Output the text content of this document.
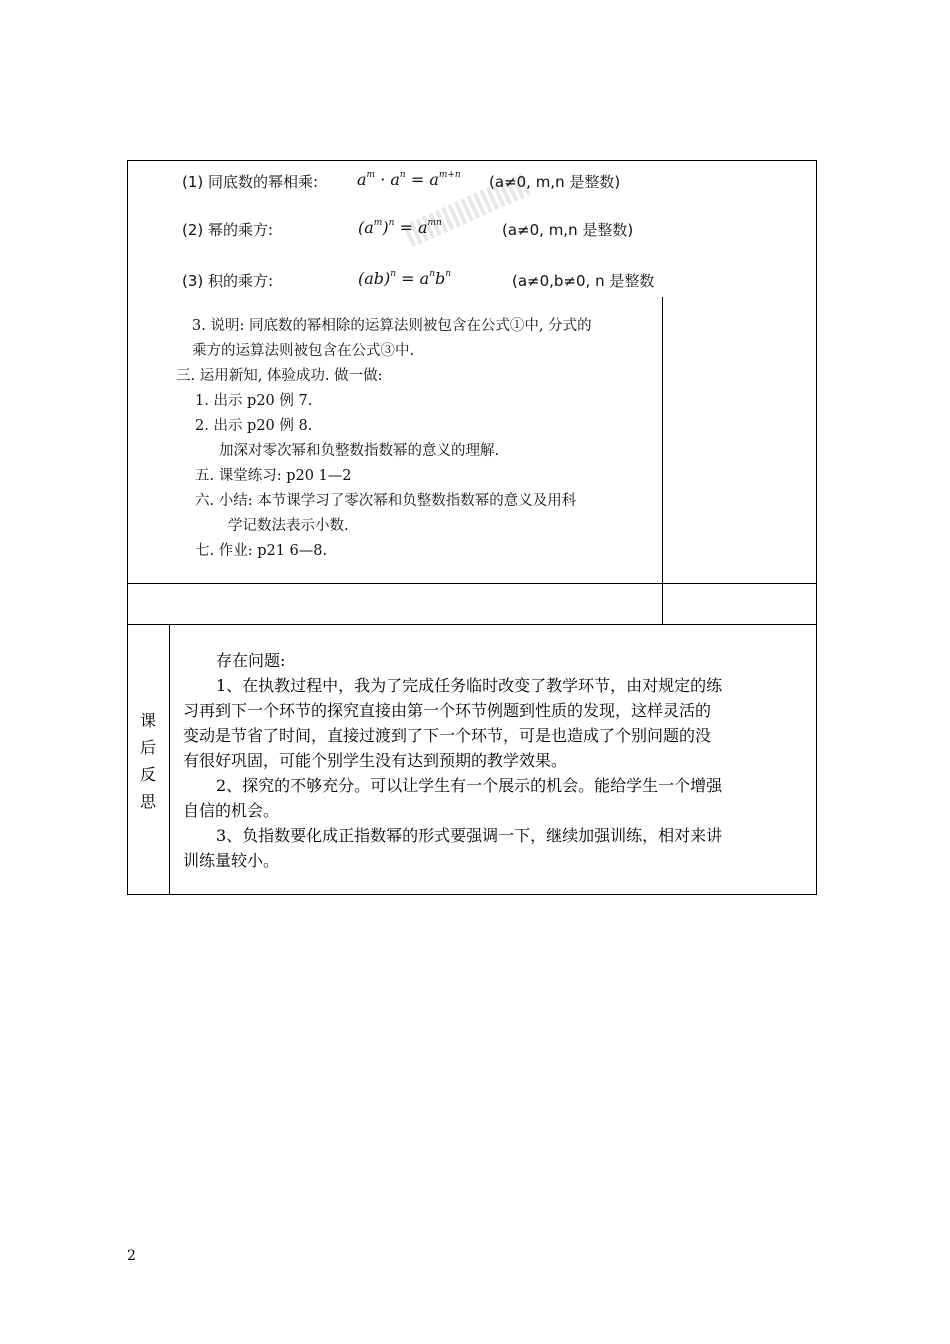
(1) 同底数的幂相乘: $a^m \cdot a^n = a^{m+n}$ (a≠0, m,n 是整数)
(2) 幂的乘方:	$(a^m)^n = a^{mn}$	(a≠0, m,n 是整数)
(3) 积的乘方:	$(ab)^n = a^nb^n$	(a≠0,b≠0, n 是整数
3. 说明: 同底数的幂相除的运算法则被包含在公式①中, 分式的
乘方的运算法则被包含在公式③中.
三. 运用新知, 体验成功. 做一做:
1. 出示 p20 例 7.
2. 出示 p20 例 8.
加深对零次幂和负整数指数幂的意义的理解.
五. 课堂练习: p20 1—2
六. 小结: 本节课学习了零次幂和负整数指数幂的意义及用科
学记数法表示小数.
七. 作业: p21 6—8.
课
后
反
思
存在问题:
1、在执教过程中，我为了完成任务临时改变了教学环节，由对规定的练
习再到下一个环节的探究直接由第一个环节例题到性质的发现，这样灵活的
变动是节省了时间，直接过渡到了下一个环节，可是也造成了个别问题的没
有很好巩固，可能个别学生没有达到预期的教学效果。
2、探究的不够充分。可以让学生有一个展示的机会。能给学生一个增强
自信的机会。
3、负指数要化成正指数幂的形式要强调一下，继续加强训练，相对来讲
训练量较小。
2
